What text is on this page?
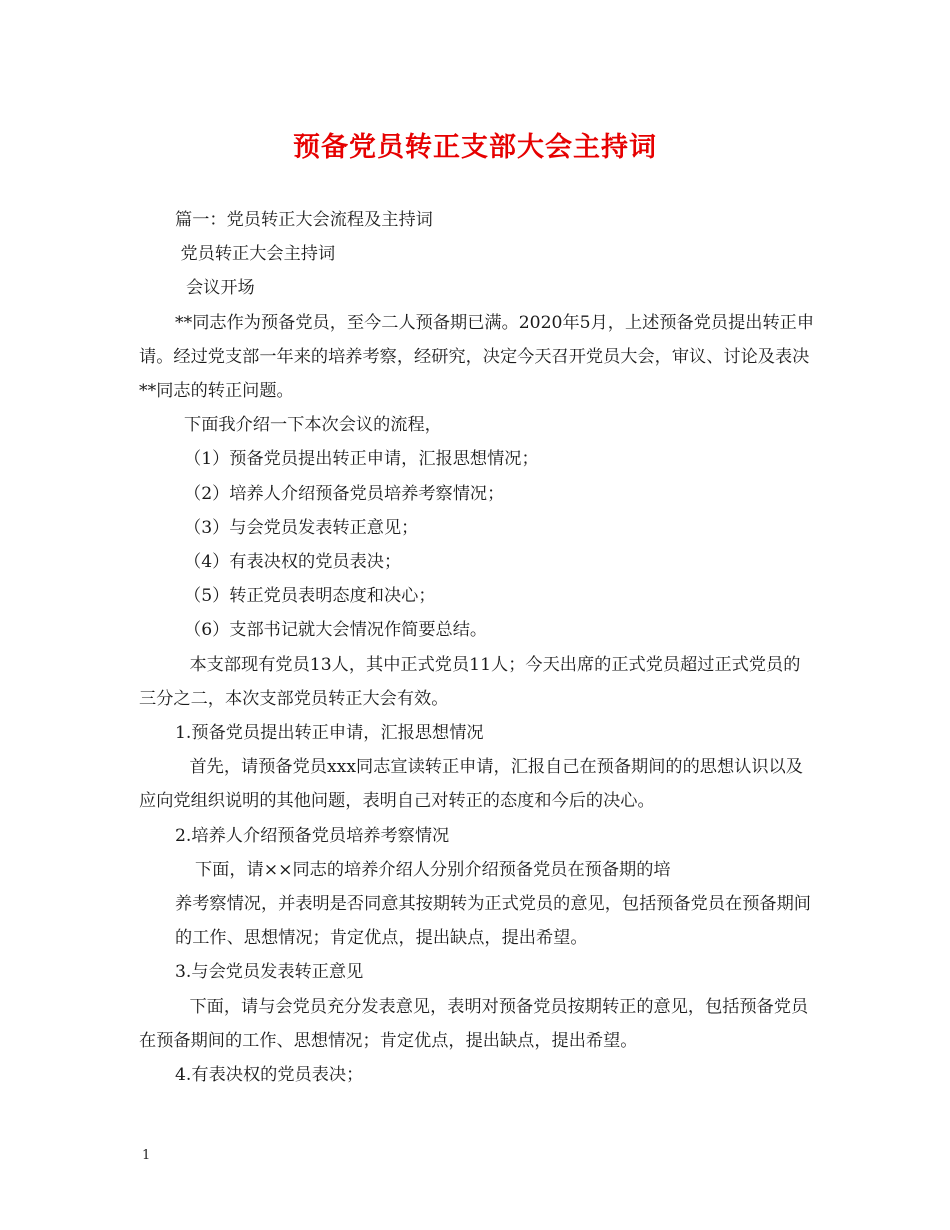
预备党员转正支部大会主持词

篇一：党员转正大会流程及主持词

党员转正大会主持词

会议开场

**同志作为预备党员，至今二人预备期已满。2020年5月，上述预备党员提出转正申请。经过党支部一年来的培养考察，经研究，决定今天召开党员大会，审议、讨论及表决**同志的转正问题。

下面我介绍一下本次会议的流程，

（1）预备党员提出转正申请，汇报思想情况；

（2）培养人介绍预备党员培养考察情况；

（3）与会党员发表转正意见；

（4）有表决权的党员表决；

（5）转正党员表明态度和决心；

（6）支部书记就大会情况作简要总结。

本支部现有党员13人，其中正式党员11人；今天出席的正式党员超过正式党员的三分之二，本次支部党员转正大会有效。

1.预备党员提出转正申请，汇报思想情况

首先，请预备党员xxx同志宣读转正申请，汇报自己在预备期间的的思想认识以及应向党组织说明的其他问题，表明自己对转正的态度和今后的决心。

2.培养人介绍预备党员培养考察情况

下面，请××同志的培养介绍人分别介绍预备党员在预备期的培

养考察情况，并表明是否同意其按期转为正式党员的意见，包括预备党员在预备期间的工作、思想情况；肯定优点，提出缺点，提出希望。

3.与会党员发表转正意见

下面，请与会党员充分发表意见，表明对预备党员按期转正的意见，包括预备党员在预备期间的工作、思想情况；肯定优点，提出缺点，提出希望。

4.有表决权的党员表决；

1
